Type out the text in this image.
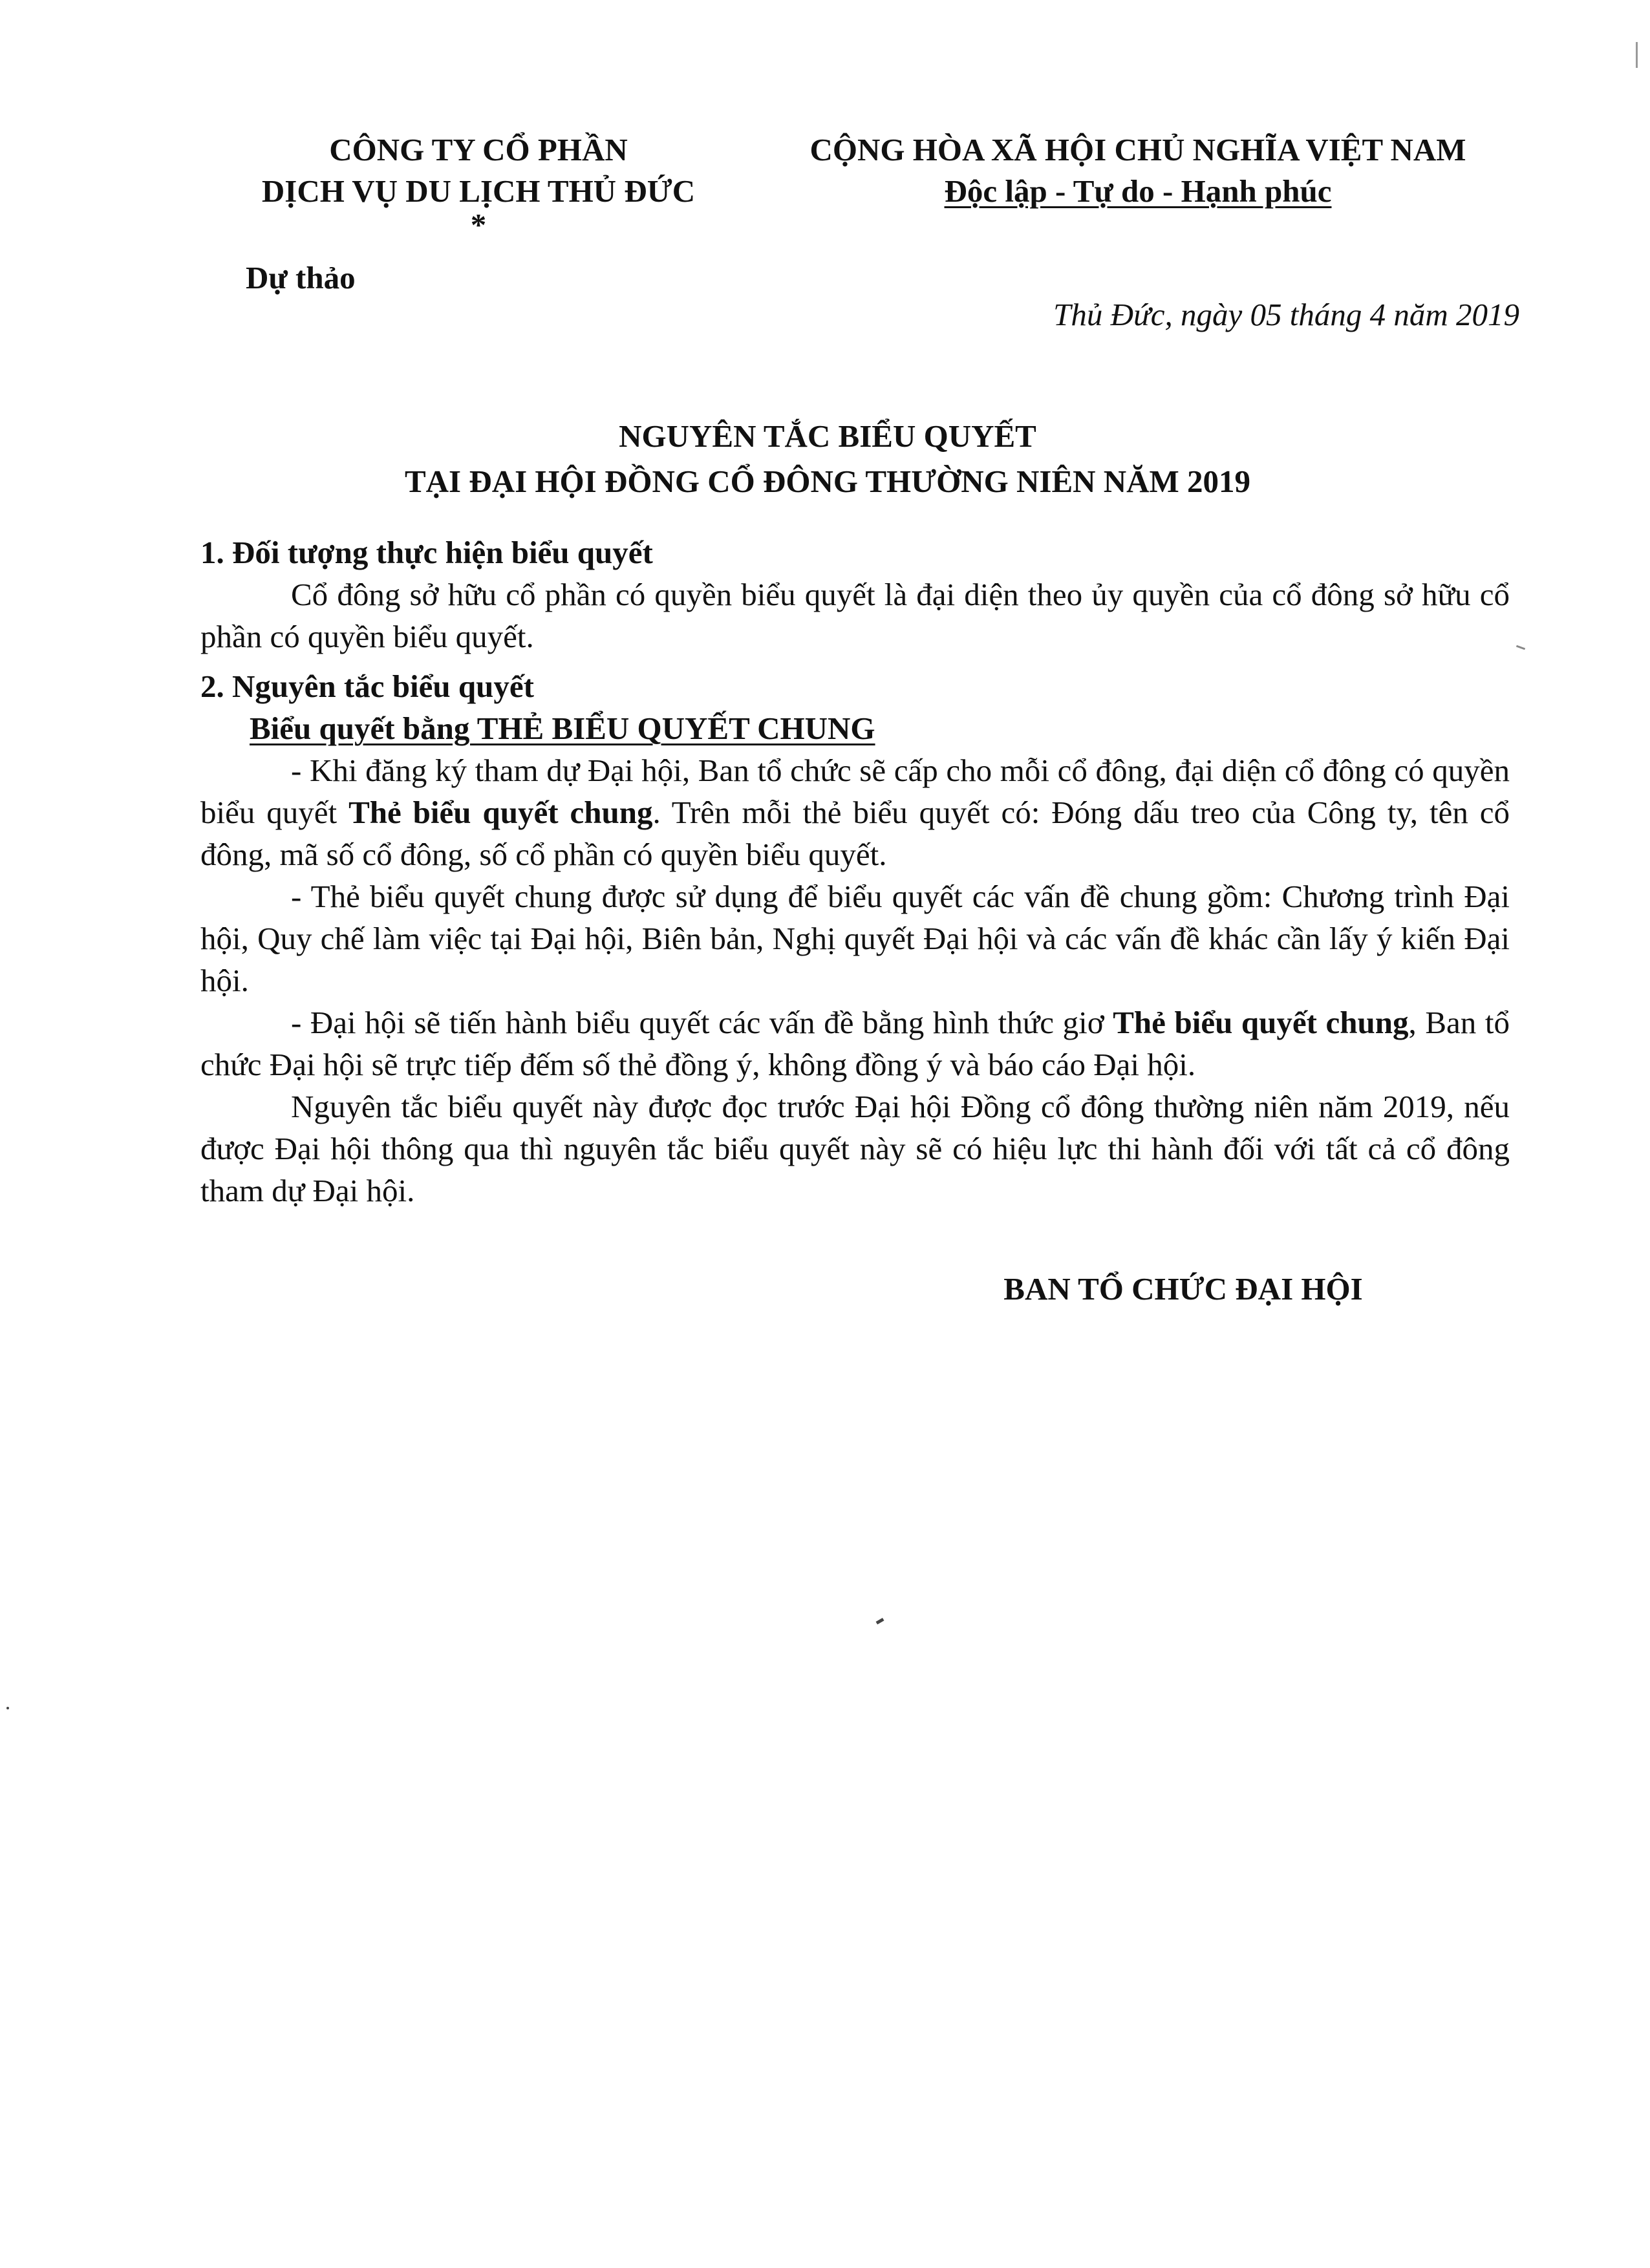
CÔNG TY CỔ PHẦN
DỊCH VỤ DU LỊCH THỦ ĐỨC
*
CỘNG HÒA XÃ HỘI CHỦ NGHĨA VIỆT NAM
Độc lập - Tự do - Hạnh phúc
Dự thảo
Thủ Đức, ngày 05 tháng 4 năm 2019
NGUYÊN TẮC BIỂU QUYẾT
TẠI ĐẠI HỘI ĐỒNG CỔ ĐÔNG THƯỜNG NIÊN NĂM 2019

1. Đối tượng thực hiện biểu quyết

Cổ đông sở hữu cổ phần có quyền biểu quyết là đại diện theo ủy quyền của cổ đông sở hữu cổ phần có quyền biểu quyết.

2. Nguyên tắc biểu quyết

Biểu quyết bằng THẺ BIỂU QUYẾT CHUNG

- Khi đăng ký tham dự Đại hội, Ban tổ chức sẽ cấp cho mỗi cổ đông, đại diện cổ đông có quyền biểu quyết Thẻ biểu quyết chung. Trên mỗi thẻ biểu quyết có: Đóng dấu treo của Công ty, tên cổ đông, mã số cổ đông, số cổ phần có quyền biểu quyết.

- Thẻ biểu quyết chung được sử dụng để biểu quyết các vấn đề chung gồm: Chương trình Đại hội, Quy chế làm việc tại Đại hội, Biên bản, Nghị quyết Đại hội và các vấn đề khác cần lấy ý kiến Đại hội.

- Đại hội sẽ tiến hành biểu quyết các vấn đề bằng hình thức giơ Thẻ biểu quyết chung, Ban tổ chức Đại hội sẽ trực tiếp đếm số thẻ đồng ý, không đồng ý và báo cáo Đại hội.

Nguyên tắc biểu quyết này được đọc trước Đại hội Đồng cổ đông thường niên năm 2019, nếu được Đại hội thông qua thì nguyên tắc biểu quyết này sẽ có hiệu lực thi hành đối với tất cả cổ đông tham dự Đại hội.

BAN TỔ CHỨC ĐẠI HỘI
